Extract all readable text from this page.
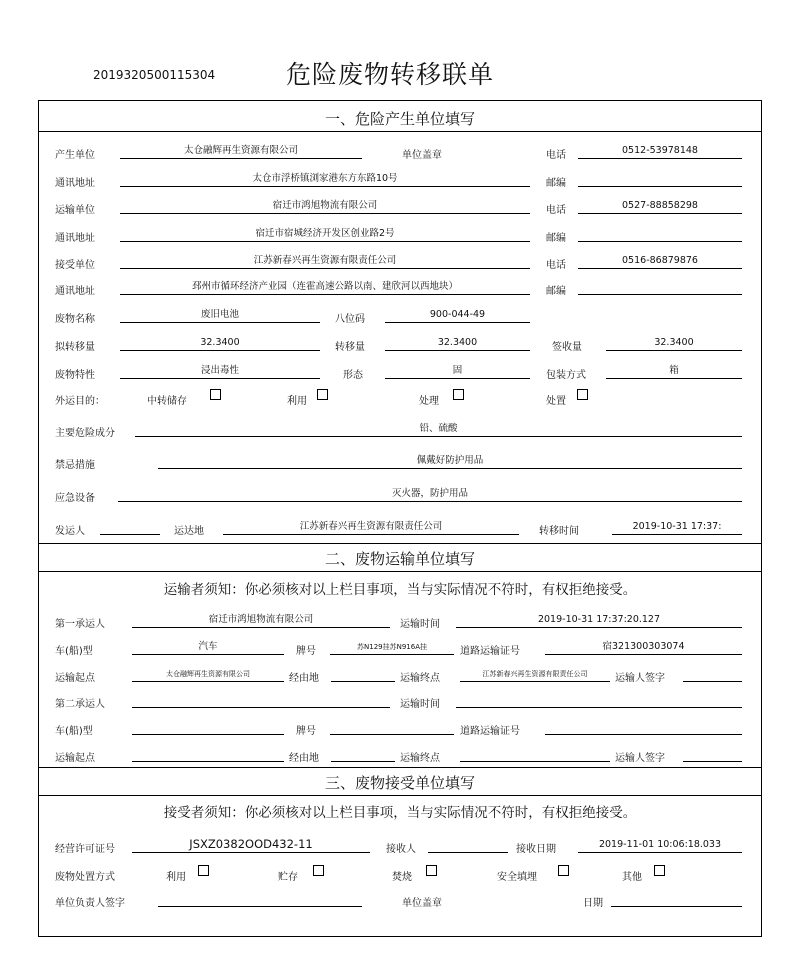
2019320500115304	危险废物转移联单
一、危险产生单位填写
产生单位	太仓融辉再生资源有限公司	单位盖章	电话	0512-53978148
通讯地址	太仓市浮桥镇浏家港东方东路10号	邮编
运输单位	宿迁市鸿旭物流有限公司	电话	0527-88858298
通讯地址	宿迁市宿城经济开发区创业路2号	邮编
接受单位	江苏新春兴再生资源有限责任公司	电话	0516-86879876
通讯地址	邳州市循环经济产业园（连霍高速公路以南、建欣河以西地块）	邮编
废物名称	废旧电池	八位码	900-044-49
拟转移量	32.3400	转移量	32.3400	签收量	32.3400
废物特性	浸出毒性	形态	固	包装方式	箱
外运目的：	中转储存	利用	处理	处置
主要危险成分	铅、硫酸
禁忌措施	佩戴好防护用品
应急设备	灭火器，防护用品
发运人	运达地	江苏新春兴再生资源有限责任公司	转移时间	2019-10-31 17:37:
二、废物运输单位填写
运输者须知：你必须核对以上栏目事项，当与实际情况不符时，有权拒绝接受。
第一承运人	宿迁市鸿旭物流有限公司	运输时间	2019-10-31 17:37:20.127
车(船)型	汽车	牌号	苏N129挂苏N916A挂	道路运输证号	宿321300303074
运输起点	太仓融辉再生资源有限公司	经由地	运输终点	江苏新春兴再生资源有限责任公司	运输人签字
第二承运人	运输时间
车(船)型	牌号	道路运输证号
运输起点	经由地	运输终点	运输人签字
三、废物接受单位填写
接受者须知：你必须核对以上栏目事项，当与实际情况不符时，有权拒绝接受。
经营许可证号	JSXZ0382OOD432-11	接收人	接收日期	2019-11-01 10:06:18.033
废物处置方式	利用	贮存	焚烧	安全填埋	其他
单位负责人签字	单位盖章	日期
